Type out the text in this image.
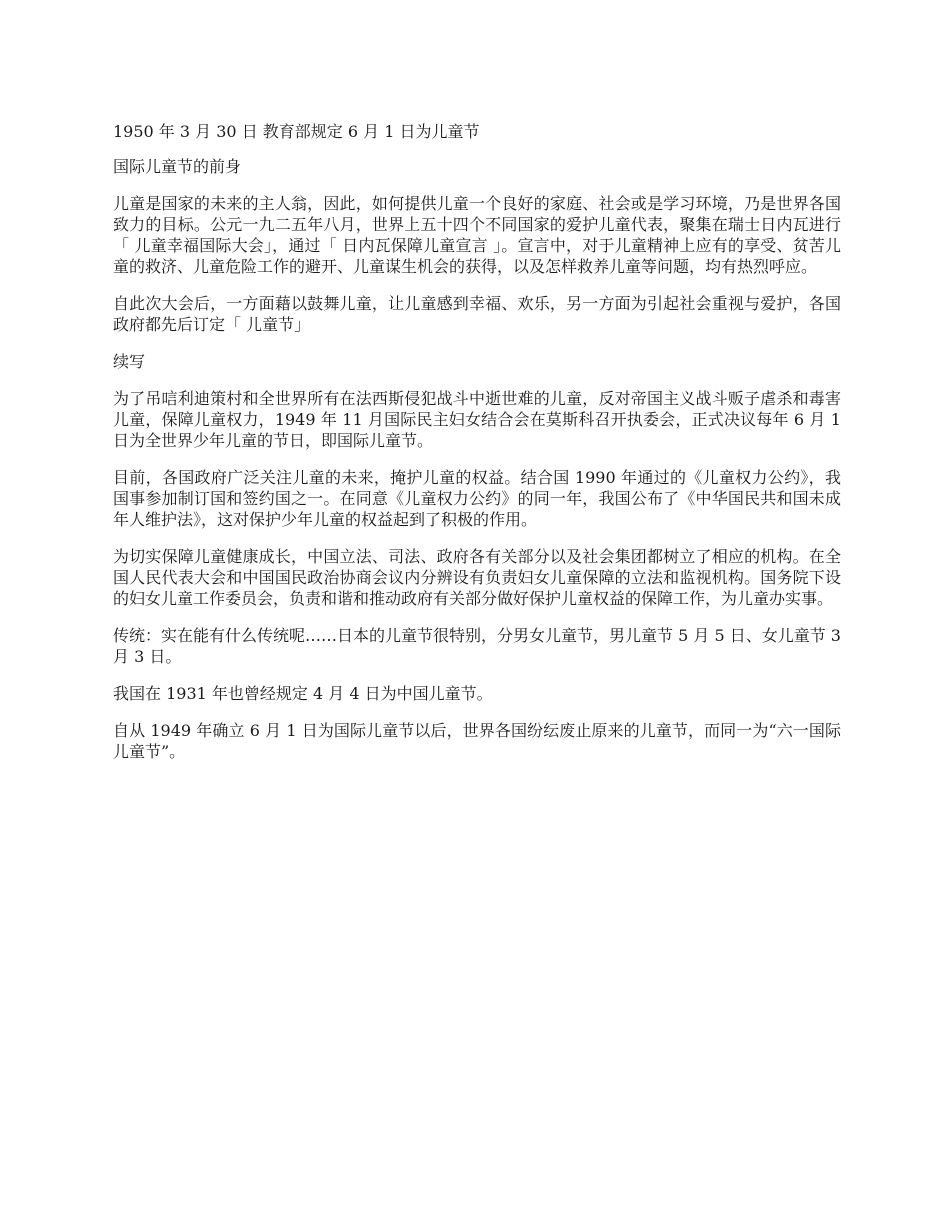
1950 年 3 月 30 日 教育部规定 6 月 1 日为儿童节

国际儿童节的前身

儿童是国家的未来的主人翁，因此，如何提供儿童一个良好的家庭、社会或是学习环境，乃是世界各国致力的目标。公元一九二五年八月，世界上五十四个不同国家的爱护儿童代表，聚集在瑞士日内瓦进行「 儿童幸福国际大会」，通过「 日内瓦保障儿童宣言 」。宣言中，对于儿童精神上应有的享受、贫苦儿童的救济、儿童危险工作的避开、儿童谋生机会的获得，以及怎样救养儿童等问题，均有热烈呼应。

自此次大会后，一方面藉以鼓舞儿童，让儿童感到幸福、欢乐，另一方面为引起社会重视与爱护，各国政府都先后订定「 儿童节」

续写

为了吊唁利迪策村和全世界所有在法西斯侵犯战斗中逝世难的儿童，反对帝国主义战斗贩子虐杀和毒害儿童，保障儿童权力，1949 年 11 月国际民主妇女结合会在莫斯科召开执委会，正式决议每年 6 月 1 日为全世界少年儿童的节日，即国际儿童节。

目前，各国政府广泛关注儿童的未来，掩护儿童的权益。结合国 1990 年通过的《儿童权力公约》，我国事参加制订国和签约国之一。在同意《儿童权力公约》的同一年，我国公布了《中华国民共和国未成年人维护法》，这对保护少年儿童的权益起到了积极的作用。

为切实保障儿童健康成长，中国立法、司法、政府各有关部分以及社会集团都树立了相应的机构。在全国人民代表大会和中国国民政治协商会议内分辨设有负责妇女儿童保障的立法和监视机构。国务院下设的妇女儿童工作委员会，负责和谐和推动政府有关部分做好保护儿童权益的保障工作，为儿童办实事。

传统：实在能有什么传统呢……日本的儿童节很特别，分男女儿童节，男儿童节 5 月 5 日、女儿童节 3 月 3 日。

我国在 1931 年也曾经规定 4 月 4 日为中国儿童节。

自从 1949 年确立 6 月 1 日为国际儿童节以后，世界各国纷纭废止原来的儿童节，而同一为“六一国际儿童节”。
